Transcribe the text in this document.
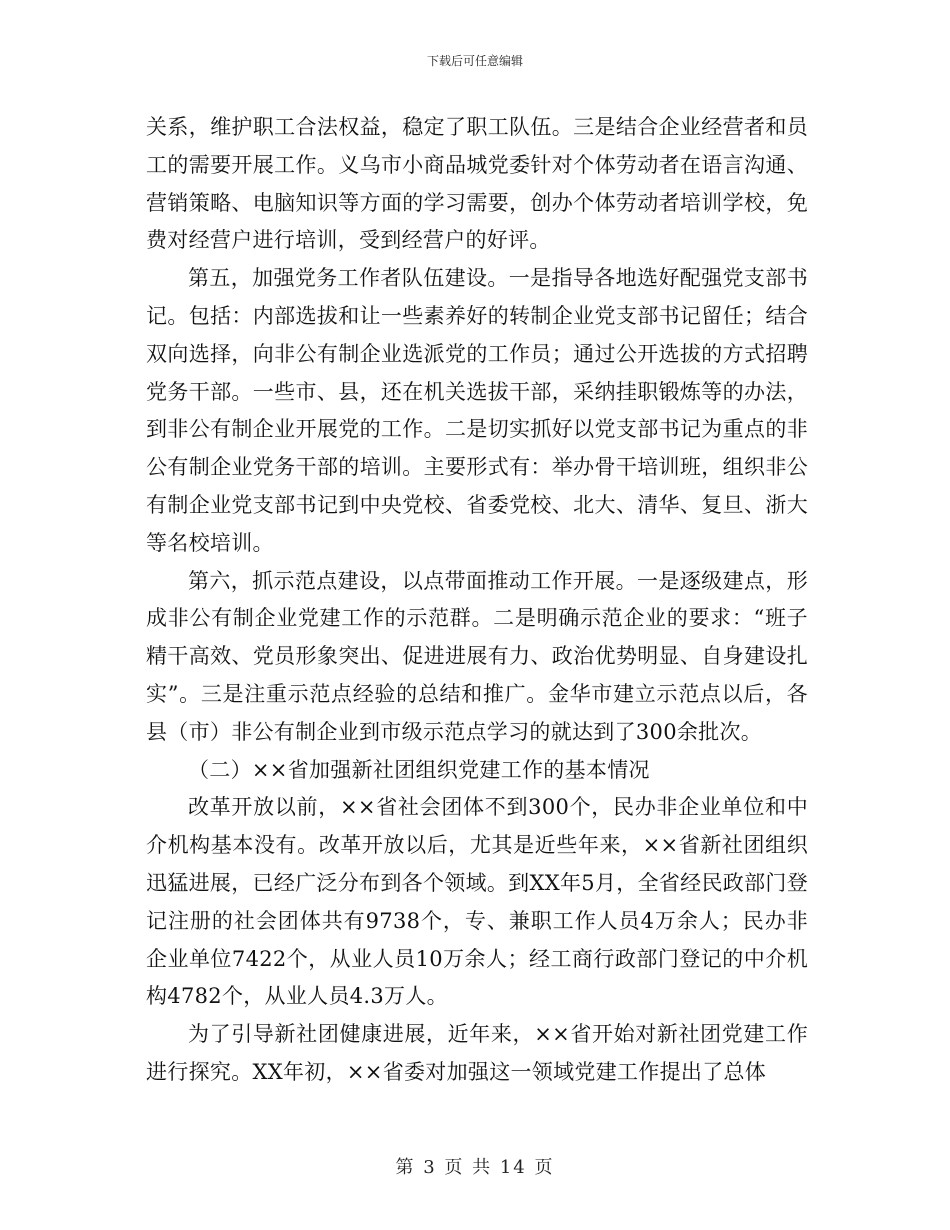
下载后可任意编辑

关系，维护职工合法权益，稳定了职工队伍。三是结合企业经营者和员工的需要开展工作。义乌市小商品城党委针对个体劳动者在语言沟通、营销策略、电脑知识等方面的学习需要，创办个体劳动者培训学校，免费对经营户进行培训，受到经营户的好评。

第五，加强党务工作者队伍建设。一是指导各地选好配强党支部书记。包括：内部选拔和让一些素养好的转制企业党支部书记留任；结合双向选择，向非公有制企业选派党的工作员；通过公开选拔的方式招聘党务干部。一些市、县，还在机关选拔干部，采纳挂职锻炼等的办法，到非公有制企业开展党的工作。二是切实抓好以党支部书记为重点的非公有制企业党务干部的培训。主要形式有：举办骨干培训班，组织非公有制企业党支部书记到中央党校、省委党校、北大、清华、复旦、浙大等名校培训。

第六，抓示范点建设，以点带面推动工作开展。一是逐级建点，形成非公有制企业党建工作的示范群。二是明确示范企业的要求：“班子精干高效、党员形象突出、促进进展有力、政治优势明显、自身建设扎实”。三是注重示范点经验的总结和推广。金华市建立示范点以后，各县（市）非公有制企业到市级示范点学习的就达到了300余批次。

（二）××省加强新社团组织党建工作的基本情况

改革开放以前，××省社会团体不到300个，民办非企业单位和中介机构基本没有。改革开放以后，尤其是近些年来，××省新社团组织迅猛进展，已经广泛分布到各个领域。到XX年5月，全省经民政部门登记注册的社会团体共有9738个，专、兼职工作人员4万余人；民办非企业单位7422个，从业人员10万余人；经工商行政部门登记的中介机构4782个，从业人员4.3万人。

为了引导新社团健康进展，近年来，××省开始对新社团党建工作进行探究。XX年初，××省委对加强这一领域党建工作提出了总体

第 3 页 共 14 页
